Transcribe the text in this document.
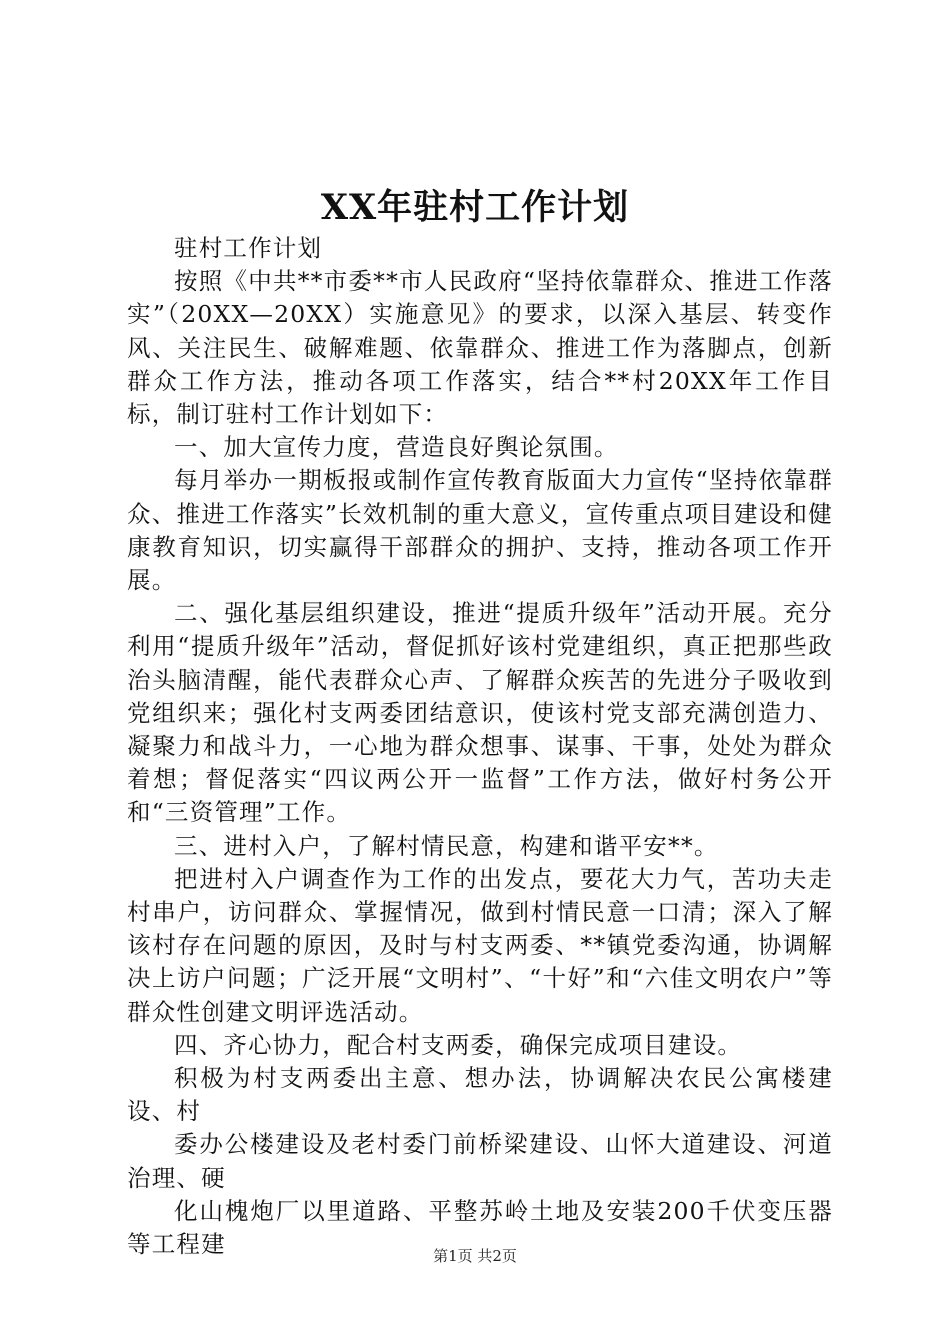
XX年驻村工作计划

驻村工作计划

按照《中共**市委**市人民政府“坚持依靠群众、推进工作落实”（20XX—20XX）实施意见》的要求，以深入基层、转变作风、关注民生、破解难题、依靠群众、推进工作为落脚点，创新群众工作方法，推动各项工作落实，结合**村20XX年工作目标，制订驻村工作计划如下：

一、加大宣传力度，营造良好舆论氛围。

每月举办一期板报或制作宣传教育版面大力宣传“坚持依靠群众、推进工作落实”长效机制的重大意义，宣传重点项目建设和健康教育知识，切实赢得干部群众的拥护、支持，推动各项工作开展。

二、强化基层组织建设，推进“提质升级年”活动开展。充分利用“提质升级年”活动，督促抓好该村党建组织，真正把那些政治头脑清醒，能代表群众心声、了解群众疾苦的先进分子吸收到党组织来；强化村支两委团结意识，使该村党支部充满创造力、凝聚力和战斗力，一心地为群众想事、谋事、干事，处处为群众着想；督促落实“四议两公开一监督”工作方法，做好村务公开和“三资管理”工作。

三、进村入户，了解村情民意，构建和谐平安**。

把进村入户调查作为工作的出发点，要花大力气，苦功夫走村串户，访问群众、掌握情况，做到村情民意一口清；深入了解该村存在问题的原因，及时与村支两委、**镇党委沟通，协调解决上访户问题；广泛开展“文明村”、“十好”和“六佳文明农户”等群众性创建文明评选活动。

四、齐心协力，配合村支两委，确保完成项目建设。

积极为村支两委出主意、想办法，协调解决农民公寓楼建设、村

委办公楼建设及老村委门前桥梁建设、山怀大道建设、河道治理、硬

化山槐炮厂以里道路、平整苏岭土地及安装200千伏变压器等工程建	第1页 共2页
